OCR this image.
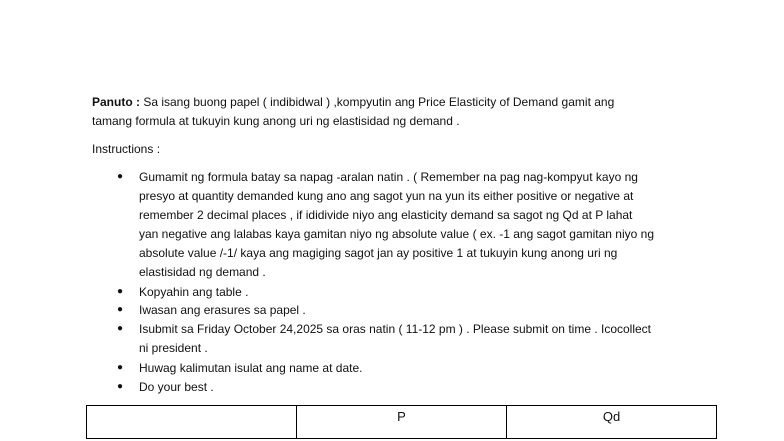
Panuto : Sa isang buong papel ( indibidwal ) ,kompyutin ang Price Elasticity of Demand gamit ang
tamang formula at tukuyin kung anong uri ng elastisidad ng demand .
Instructions :
● Gumamit ng formula batay sa napag -aralan natin . ( Remember na pag nag-kompyut kayo ng
presyo at quantity demanded kung ano ang sagot yun na yun its either positive or negative at
remember 2 decimal places , if ididivide niyo ang elasticity demand sa sagot ng Qd at P lahat
yan negative ang lalabas kaya gamitan niyo ng absolute value ( ex. -1 ang sagot gamitan niyo ng
absolute value /-1/ kaya ang magiging sagot jan ay positive 1 at tukuyin kung anong uri ng
elastisidad ng demand .
● Kopyahin ang table .
● Iwasan ang erasures sa papel .
● Isubmit sa Friday October 24,2025 sa oras natin ( 11-12 pm ) . Please submit on time . Icocollect
ni president .
● Huwag kalimutan isulat ang name at date.
● Do your best .
	P	Qd
